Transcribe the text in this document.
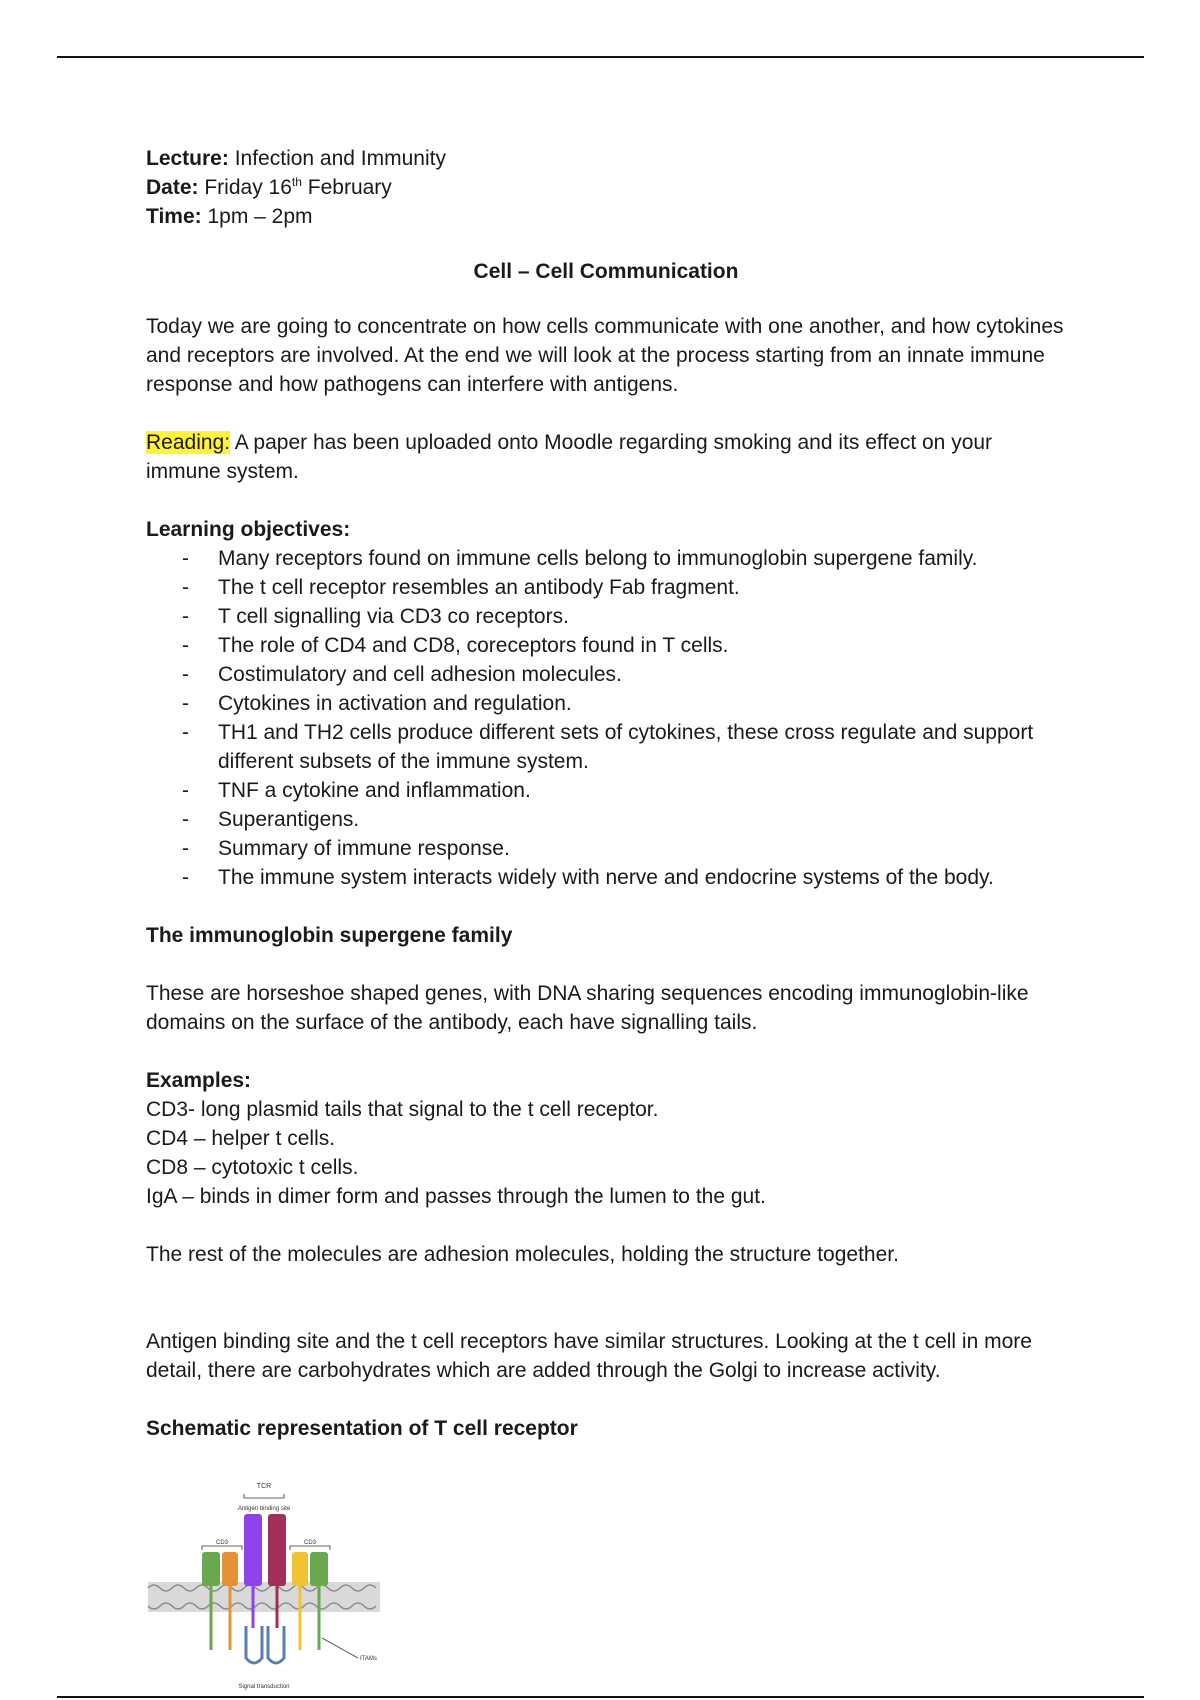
Lecture: Infection and Immunity

Date: Friday 16th February

Time: 1pm – 2pm

Cell – Cell Communication

Today we are going to concentrate on how cells communicate with one another, and how cytokines and receptors are involved. At the end we will look at the process starting from an innate immune response and how pathogens can interfere with antigens.

Reading: A paper has been uploaded onto Moodle regarding smoking and its effect on your immune system.

Learning objectives:

- Many receptors found on immune cells belong to immunoglobin supergene family.
- The t cell receptor resembles an antibody Fab fragment.
- T cell signalling via CD3 co receptors.
- The role of CD4 and CD8, coreceptors found in T cells.
- Costimulatory and cell adhesion molecules.
- Cytokines in activation and regulation.
- TH1 and TH2 cells produce different sets of cytokines, these cross regulate and support different subsets of the immune system.
- TNF a cytokine and inflammation.
- Superantigens.
- Summary of immune response.
- The immune system interacts widely with nerve and endocrine systems of the body.

The immunoglobin supergene family

These are horseshoe shaped genes, with DNA sharing sequences encoding immunoglobin-like domains on the surface of the antibody, each have signalling tails.

Examples:

CD3- long plasmid tails that signal to the t cell receptor.

CD4 – helper t cells.

CD8 – cytotoxic t cells.

IgA – binds in dimer form and passes through the lumen to the gut.

The rest of the molecules are adhesion molecules, holding the structure together.

Antigen binding site and the t cell receptors have similar structures. Looking at the t cell in more detail, there are carbohydrates which are added through the Golgi to increase activity.

Schematic representation of T cell receptor

TCR
Antigen binding site
CD3	CD3
ITAMs
Signal transduction
